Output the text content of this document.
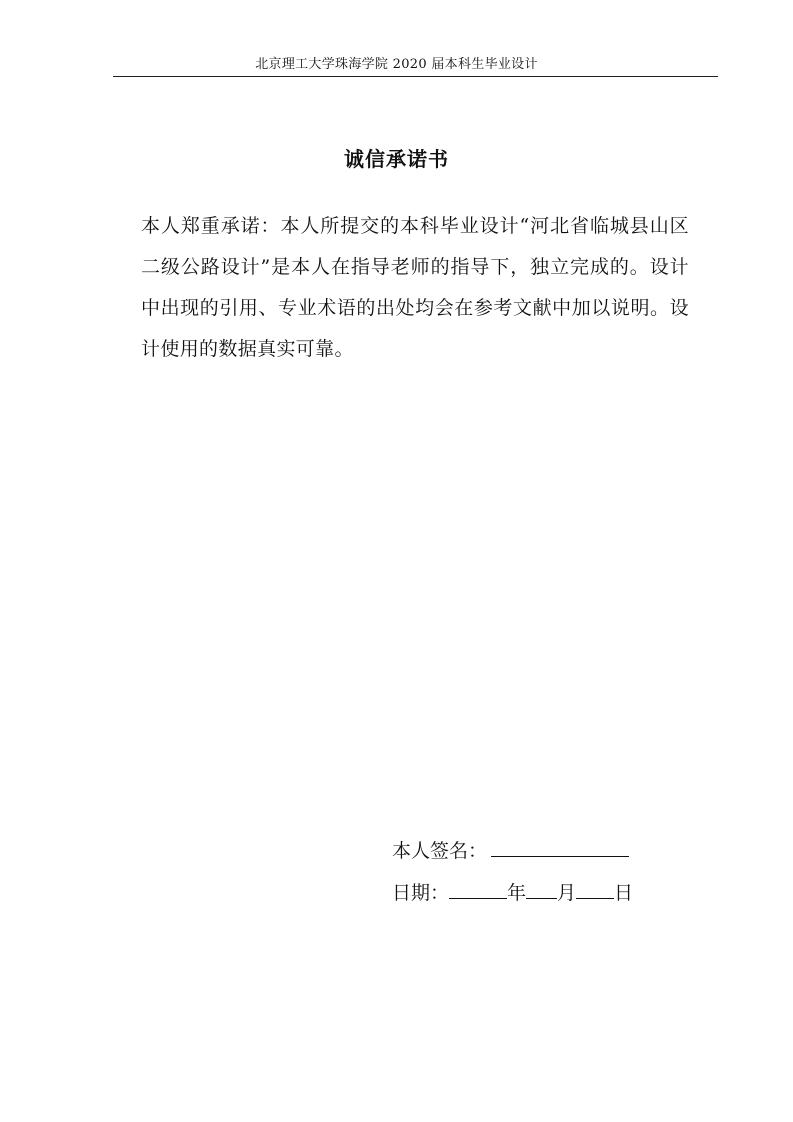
北京理工大学珠海学院 2020 届本科生毕业设计
诚信承诺书

本人郑重承诺：本人所提交的本科毕业设计“河北省临城县山区二级公路设计”是本人在指导老师的指导下，独立完成的。设计中出现的引用、专业术语的出处均会在参考文献中加以说明。设计使用的数据真实可靠。

本人签名：
日期：	年 月 日
